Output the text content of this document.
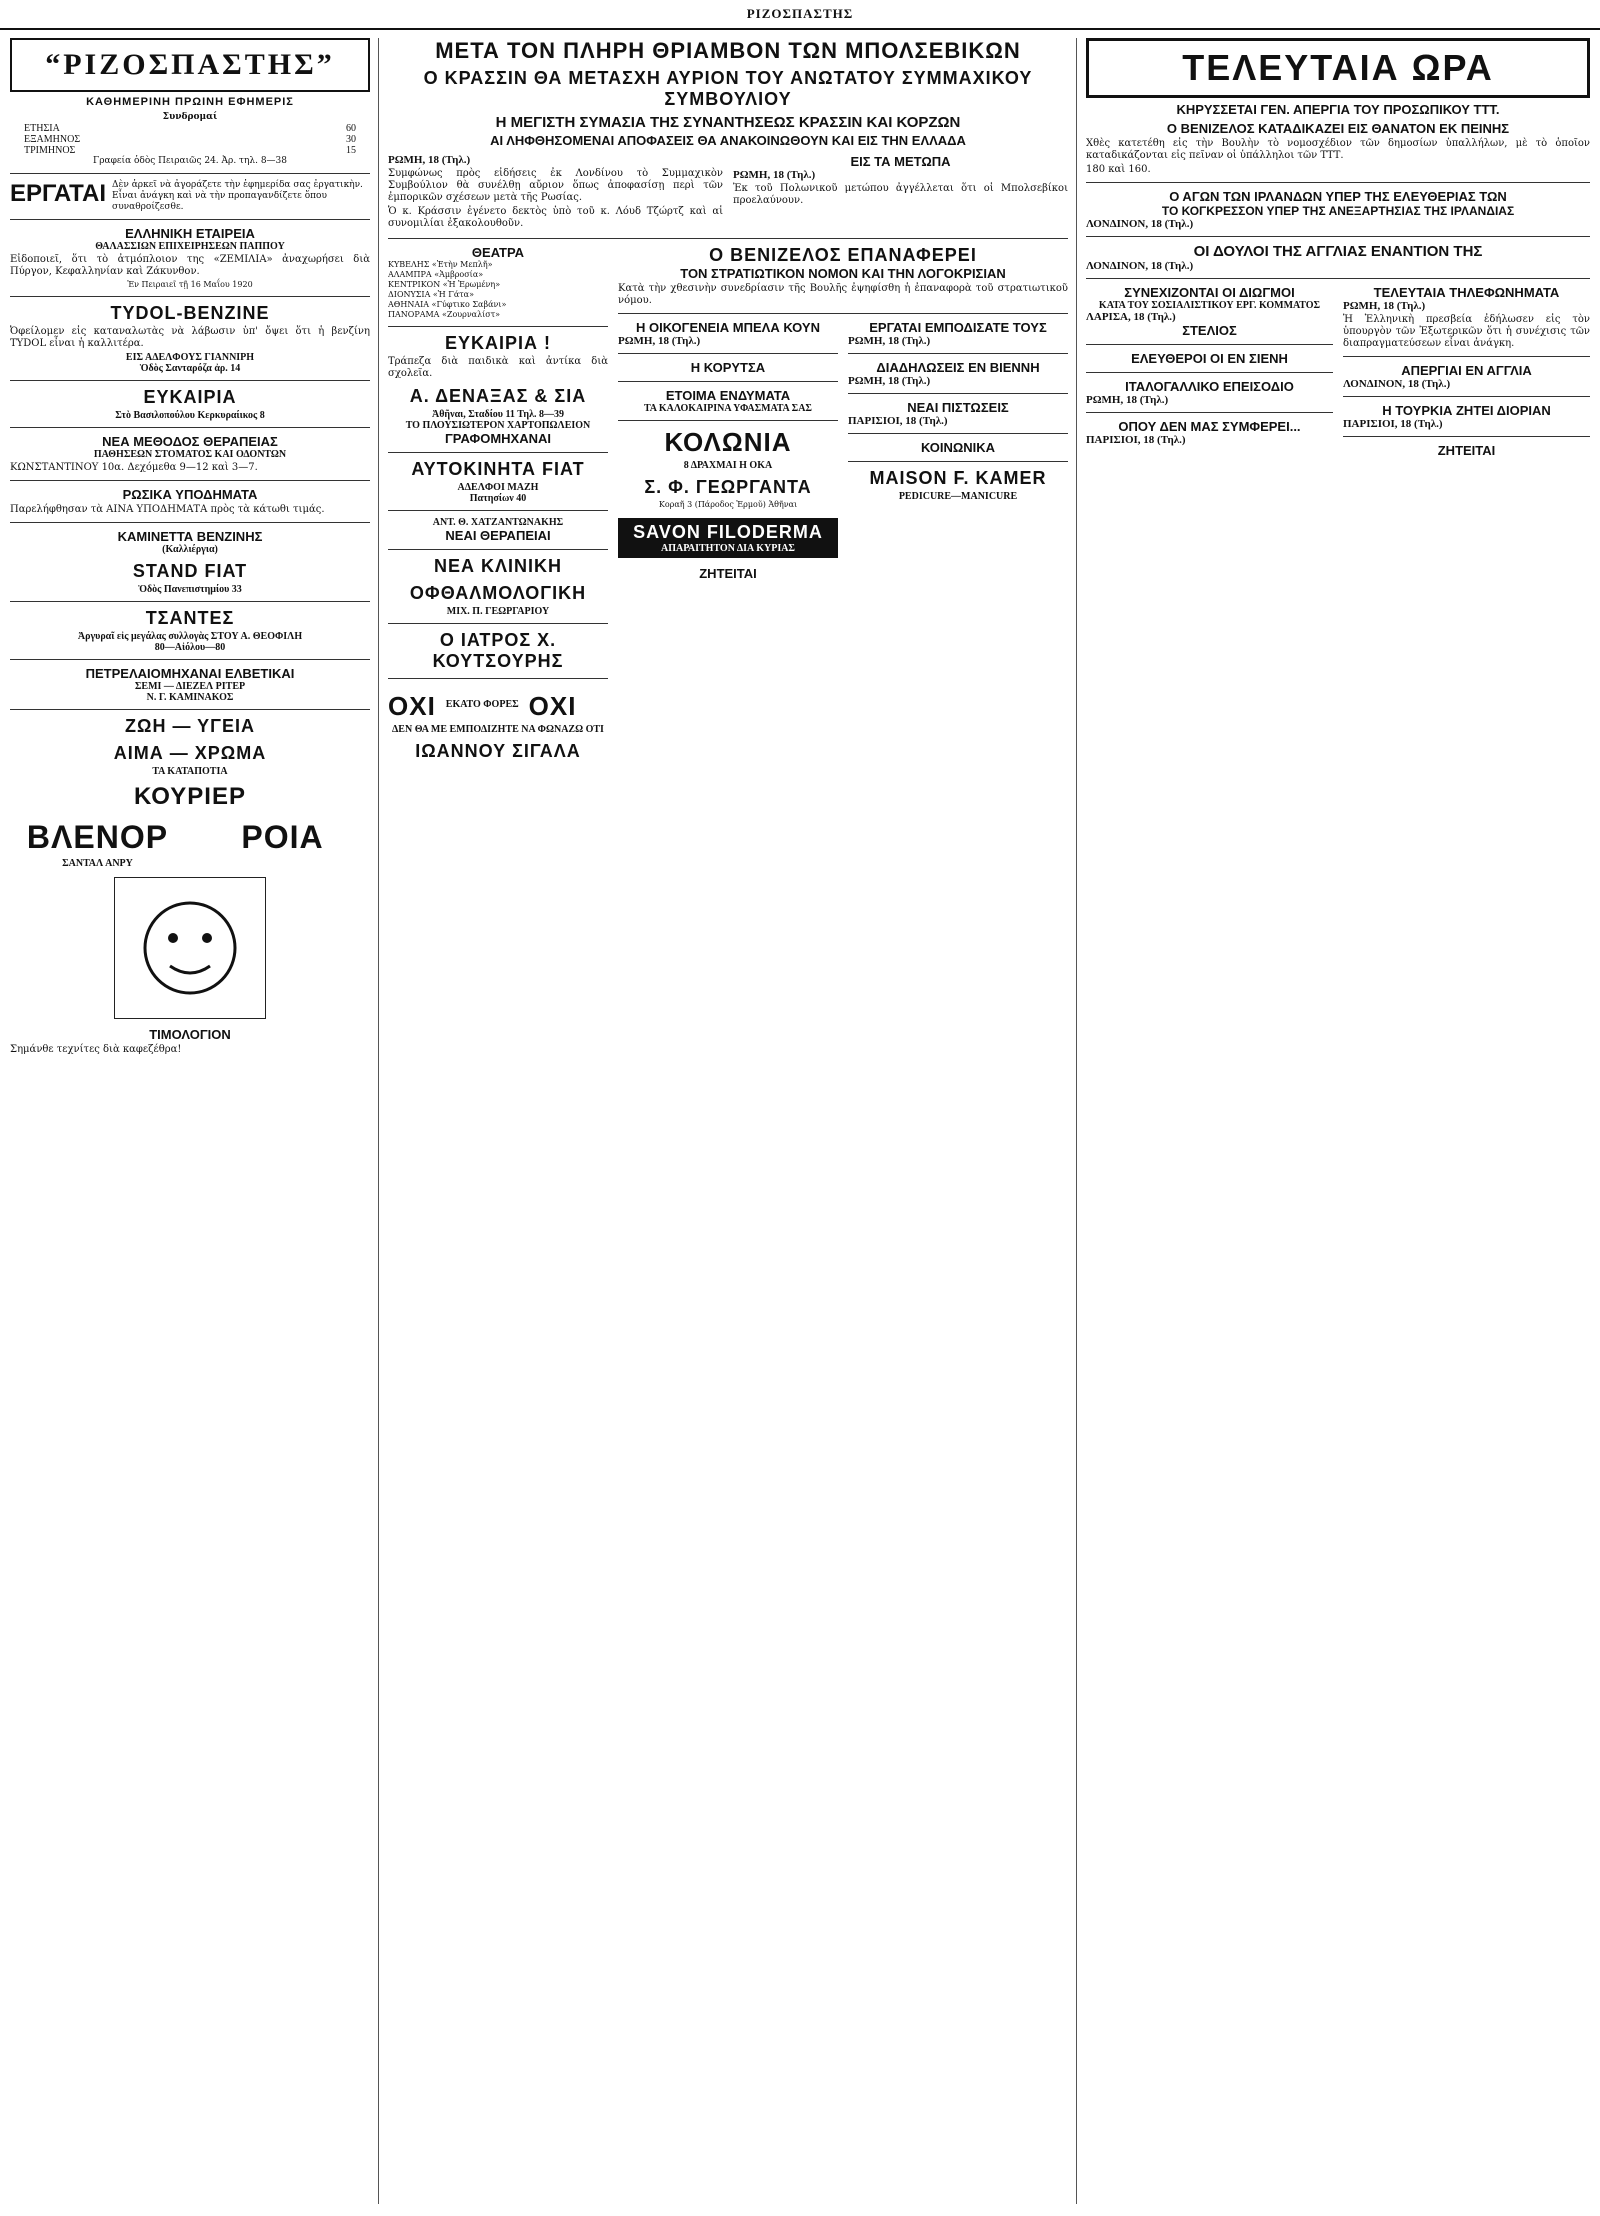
ΡΙΖΟΣΠΑΣΤΗΣ
“ΡΙΖΟΣΠΑΣΤΗΣ”
ΚΑΘΗΜΕΡΙΝΗ ΠΡΩΙΝΗ ΕΦΗΜΕΡΙΣ
Συνδρομαί
ΕΤΗΣΙΑ	60
ΕΞΑΜΗΝΟΣ	30
ΤΡΙΜΗΝΟΣ	15
Γραφεία ὁδὸς Πειραιῶς 24. Ἀρ. τηλ. 8—38
ΕΡΓΑΤΑΙ Δὲν ἀρκεῖ νὰ ἀγοράζετε τὴν ἐφημερίδα σας ἐργατικὴν. Εἶναι ἀνάγκη καὶ νὰ τὴν προπαγανδίζετε ὅπου συναθροίζεσθε.
ΕΛΛΗΝΙΚΗ ΕΤΑΙΡΕΙΑ
ΘΑΛΑΣΣΙΩΝ ΕΠΙΧΕΙΡΗΣΕΩΝ ΠΑΠΠΟΥ
Εἰδοποιεῖ, ὅτι τὸ ἀτμόπλοιον της «ΖΕΜΙΛΙΑ» ἀναχωρήσει διὰ Πύργον, Κεφαλληνίαν καὶ Ζάκυνθον.
Ἐν Πειραιεῖ τῇ 16 Μαΐου 1920
TYDOL-BENZINE
Ὀφείλομεν εἰς καταναλωτὰς νὰ λάβωσιν ὑπ' ὄψει ὅτι ἡ βενζίνη TYDOL εἶναι ἡ καλλιτέρα.
ΕΙΣ ΑΔΕΛΦΟΥΣ ΓΙΑΝΝΙΡΗ
Ὁδὸς Σανταρόζα ἀρ. 14
ΕΥΚΑΙΡΙΑ
Στὸ Βασιλοπούλου Κερκυραίικος 8
ΝΕΑ ΜΕΘΟΔΟΣ ΘΕΡΑΠΕΙΑΣ
ΠΑΘΗΣΕΩΝ ΣΤΟΜΑΤΟΣ ΚΑΙ ΟΔΟΝΤΩΝ
ΚΩΝΣΤΑΝΤΙΝΟΥ 10α. Δεχόμεθα 9—12 καὶ 3—7.
ΡΩΣΙΚΑ ΥΠΟΔΗΜΑΤΑ
Παρελήφθησαν τὰ ΑΙΝΑ ΥΠΟΔΗΜΑΤΑ πρὸς τὰ κάτωθι τιμάς.
ΚΑΜΙΝΕΤΤΑ ΒΕΝΖΙΝΗΣ
(Καλλιέργια)
STAND FIAT
Ὁδὸς Πανεπιστημίου 33
ΤΣΑΝΤΕΣ
Ἀργυραῖ εἰς μεγάλας συλλογὰς ΣΤΟΥ Α. ΘΕΟΦΙΛΗ
80—Αἰόλου—80
ΠΕΤΡΕΛΑΙΟΜΗΧΑΝΑΙ ΕΛΒΕΤΙΚΑΙ
ΣΕΜΙ — ΔΙΕΖΕΛ ΡΙΤΕΡ
Ν. Γ. ΚΑΜΙΝΑΚΟΣ
ΖΩΗ — ΥΓΕΙΑ
ΑΙΜΑ — ΧΡΩΜΑ
ΤΑ ΚΑΤΑΠΟΤΙΑ
ΚΟΥΡΙΕΡ
ΒΛΕΝΟΡ
ΣΑΝΤΑΛ ΑΝΡΥ
ΡΟΙΑ
ΤΙΜΟΛΟΓΙΟΝ
Σημάνθε τεχνίτες διὰ καφεζέθρα!
ΜΕΤΑ ΤΟΝ ΠΛΗΡΗ ΘΡΙΑΜΒΟΝ ΤΩΝ ΜΠΟΛΣΕΒΙΚΩΝ
Ο ΚΡΑΣΣΙΝ ΘΑ ΜΕΤΑΣΧΗ ΑΥΡΙΟΝ ΤΟΥ ΑΝΩΤΑΤΟΥ ΣΥΜΜΑΧΙΚΟΥ ΣΥΜΒΟΥΛΙΟΥ
Η ΜΕΓΙΣΤΗ ΣΥΜΑΣΙΑ ΤΗΣ ΣΥΝΑΝΤΗΣΕΩΣ ΚΡΑΣΣΙΝ ΚΑΙ ΚΟΡΖΩΝ
ΑΙ ΛΗΦΘΗΣΟΜΕΝΑΙ ΑΠΟΦΑΣΕΙΣ ΘΑ ΑΝΑΚΟΙΝΩΘΟΥΝ ΚΑΙ ΕΙΣ ΤΗΝ ΕΛΛΑΔΑ
ΡΩΜΗ, 18 (Τηλ.)
Συμφώνως πρὸς εἰδήσεις ἐκ Λονδίνου τὸ Συμμαχικὸν Συμβούλιον θὰ συνέλθῃ αὔριον ὅπως ἀποφασίσῃ περὶ τῶν ἐμπορικῶν σχέσεων μετὰ τῆς Ρωσίας.
Ὁ κ. Κράσσιν ἐγένετο δεκτὸς ὑπὸ τοῦ κ. Λόυδ Τζώρτζ καὶ αἱ συνομιλίαι ἐξακολουθοῦν.
ΕΙΣ ΤΑ ΜΕΤΩΠΑ
ΡΩΜΗ, 18 (Τηλ.)
Ἐκ τοῦ Πολωνικοῦ μετώπου ἀγγέλλεται ὅτι οἱ Μπολσεβίκοι προελαύνουν.
ΘΕΑΤΡΑ
ΚΥΒΕΛΗΣ «Ἑτὴν Μεπλῆ»
ΑΛΑΜΠΡΑ «Ἀμβροσία»
ΚΕΝΤΡΙΚΟΝ «Ἡ Ἐρωμένη»
ΔΙΟΝΥΣΙΑ «Ἡ Γάτα»
ΑΘΗΝΑΙΑ «Γύφτικο Σαβάνι»
ΠΑΝΟΡΑΜΑ «Ζουρναλίστ»
ΕΥΚΑΙΡΙΑ !
Τράπεζα διὰ παιδικὰ καὶ ἀντίκα διὰ σχολεῖα.
Α. ΔΕΝΑΞΑΣ & ΣΙΑ
Ἀθῆναι, Σταδίου 11 Τηλ. 8—39
ΤΟ ΠΛΟΥΣΙΩΤΕΡΟΝ ΧΑΡΤΟΠΩΛΕΙΟΝ
ΓΡΑΦΟΜΗΧΑΝΑΙ
ΑΥΤΟΚΙΝΗΤΑ FIAT
ΑΔΕΛΦΟΙ ΜΑΖΗ
Πατησίων 40
ΑΝΤ. Θ. ΧΑΤΖΑΝΤΩΝΑΚΗΣ
ΝΕΑΙ ΘΕΡΑΠΕΙΑΙ
ΝΕΑ ΚΛΙΝΙΚΗ
ΟΦΘΑΛΜΟΛΟΓΙΚΗ
ΜΙΧ. Π. ΓΕΩΡΓΑΡΙΟΥ
Ο ΙΑΤΡΟΣ Χ. ΚΟΥΤΣΟΥΡΗΣ
ΟΧΙ ΕΚΑΤΟ ΦΟΡΕΣ ΟΧΙ
ΔΕΝ ΘΑ ΜΕ ΕΜΠΟΔΙΖΗΤΕ ΝΑ ΦΩΝΑΖΩ ΟΤΙ
ΙΩΑΝΝΟΥ ΣΙΓΑΛΑ
Ο ΒΕΝΙΖΕΛΟΣ ΕΠΑΝΑΦΕΡΕΙ
ΤΟΝ ΣΤΡΑΤΙΩΤΙΚΟΝ ΝΟΜΟΝ ΚΑΙ ΤΗΝ ΛΟΓΟΚΡΙΣΙΑΝ
Κατὰ τὴν χθεσινὴν συνεδρίασιν τῆς Βουλῆς ἐψηφίσθη ἡ ἐπαναφορὰ τοῦ στρατιωτικοῦ νόμου.
Η ΟΙΚΟΓΕΝΕΙΑ ΜΠΕΛΑ ΚΟΥΝ
ΡΩΜΗ, 18 (Τηλ.)
Η ΚΟΡΥΤΣΑ
ΕΤΟΙΜΑ ΕΝΔΥΜΑΤΑ
ΤΑ ΚΑΛΟΚΑΙΡΙΝΑ ΥΦΑΣΜΑΤΑ ΣΑΣ
ΚΟΛΩΝΙΑ
8 ΔΡΑΧΜΑΙ Η ΟΚΑ
Σ. Φ. ΓΕΩΡΓΑΝΤΑ
Κοραῆ 3 (Πάροδος Ἑρμοῦ) Ἀθῆναι
SAVON FILODERMA
ΑΠΑΡΑΙΤΗΤΟΝ ΔΙΑ ΚΥΡΙΑΣ
ΖΗΤΕΙΤΑΙ
ΕΡΓΑΤΑΙ ΕΜΠΟΔΙΣΑΤΕ ΤΟΥΣ
ΡΩΜΗ, 18 (Τηλ.)
ΔΙΑΔΗΛΩΣΕΙΣ ΕΝ ΒΙΕΝΝΗ
ΡΩΜΗ, 18 (Τηλ.)
ΝΕΑΙ ΠΙΣΤΩΣΕΙΣ
ΠΑΡΙΣΙΟΙ, 18 (Τηλ.)
ΚΟΙΝΩΝΙΚΑ
MAISON F. KAMER
PEDICURE—MANICURE
ΤΕΛΕΥΤΑΙΑ ΩΡΑ
ΚΗΡΥΣΣΕΤΑΙ ΓΕΝ. ΑΠΕΡΓΙΑ ΤΟΥ ΠΡΟΣΩΠΙΚΟΥ ΤΤΤ.
Ο ΒΕΝΙΖΕΛΟΣ ΚΑΤΑΔΙΚΑΖΕΙ ΕΙΣ ΘΑΝΑΤΟΝ ΕΚ ΠΕΙΝΗΣ
Χθὲς κατετέθη εἰς τὴν Βουλὴν τὸ νομοσχέδιον τῶν δημοσίων ὑπαλλήλων, μὲ τὸ ὁποῖον καταδικάζονται εἰς πεῖναν οἱ ὑπάλληλοι τῶν ΤΤΤ.
180 καὶ 160.
Ο ΑΓΩΝ ΤΩΝ ΙΡΛΑΝΔΩΝ ΥΠΕΡ ΤΗΣ ΕΛΕΥΘΕΡΙΑΣ ΤΩΝ
ΤΟ ΚΟΓΚΡΕΣΣΟΝ ΥΠΕΡ ΤΗΣ ΑΝΕΞΑΡΤΗΣΙΑΣ ΤΗΣ ΙΡΛΑΝΔΙΑΣ
ΛΟΝΔΙΝΟΝ, 18 (Τηλ.)
ΟΙ ΔΟΥΛΟΙ ΤΗΣ ΑΓΓΛΙΑΣ ΕΝΑΝΤΙΟΝ ΤΗΣ
ΛΟΝΔΙΝΟΝ, 18 (Τηλ.)
ΣΥΝΕΧΙΖΟΝΤΑΙ ΟΙ ΔΙΩΓΜΟΙ
ΚΑΤΑ ΤΟΥ ΣΟΣΙΑΛΙΣΤΙΚΟΥ ΕΡΓ. ΚΟΜΜΑΤΟΣ
ΛΑΡΙΣΑ, 18 (Τηλ.)
ΣΤΕΛΙΟΣ
ΕΛΕΥΘΕΡΟΙ ΟΙ ΕΝ ΣΙΕΝΗ
ΙΤΑΛΟΓΑΛΛΙΚΟ ΕΠΕΙΣΟΔΙΟ
ΡΩΜΗ, 18 (Τηλ.)
ΟΠΟΥ ΔΕΝ ΜΑΣ ΣΥΜΦΕΡΕΙ...
ΠΑΡΙΣΙΟΙ, 18 (Τηλ.)
ΤΕΛΕΥΤΑΙΑ ΤΗΛΕΦΩΝΗΜΑΤΑ
ΡΩΜΗ, 18 (Τηλ.)
Ἡ Ἑλληνικὴ πρεσβεία ἐδήλωσεν εἰς τὸν ὑπουργὸν τῶν Ἐξωτερικῶν ὅτι ἡ συνέχισις τῶν διαπραγματεύσεων εἶναι ἀνάγκη.
ΑΠΕΡΓΙΑΙ ΕΝ ΑΓΓΛΙΑ
ΛΟΝΔΙΝΟΝ, 18 (Τηλ.)
Η ΤΟΥΡΚΙΑ ΖΗΤΕΙ ΔΙΟΡΙΑΝ
ΠΑΡΙΣΙΟΙ, 18 (Τηλ.)
ΖΗΤΕΙΤΑΙ
